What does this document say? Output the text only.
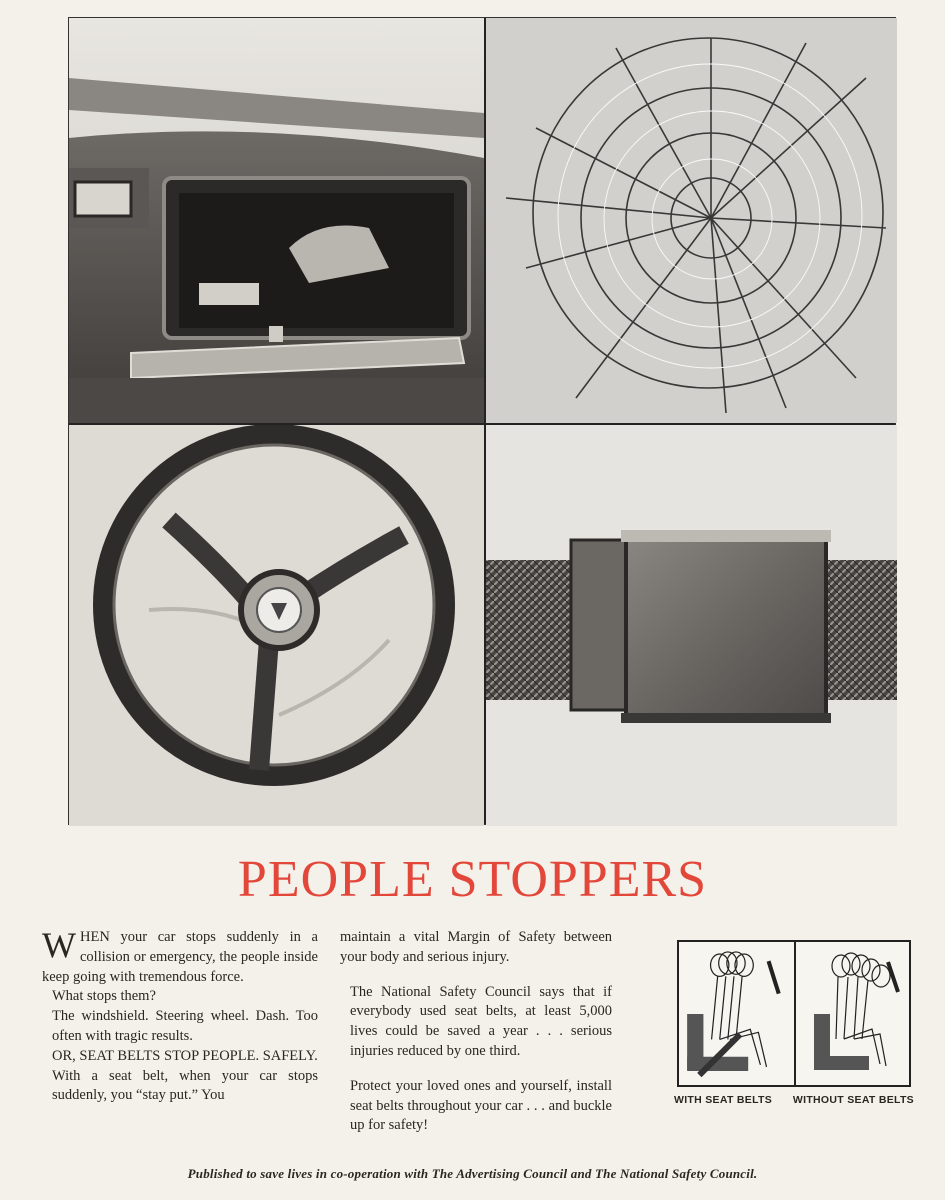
PEOPLE STOPPERS

WHEN your car stops suddenly in a collision or emergency, the people inside keep going with tremendous force.

What stops them?

The windshield. Steering wheel. Dash. Too often with tragic results.

OR, SEAT BELTS STOP PEOPLE. SAFELY.

With a seat belt, when your car stops suddenly, you “stay put.” You

maintain a vital Margin of Safety between your body and serious injury.

The National Safety Council says that if everybody used seat belts, at least 5,000 lives could be saved a year . . . serious injuries reduced by one third.

Protect your loved ones and yourself, install seat belts throughout your car . . . and buckle up for safety!

WITH SEAT BELTS WITHOUT SEAT BELTS
Published to save lives in co-operation with The Advertising Council and The National Safety Council.
